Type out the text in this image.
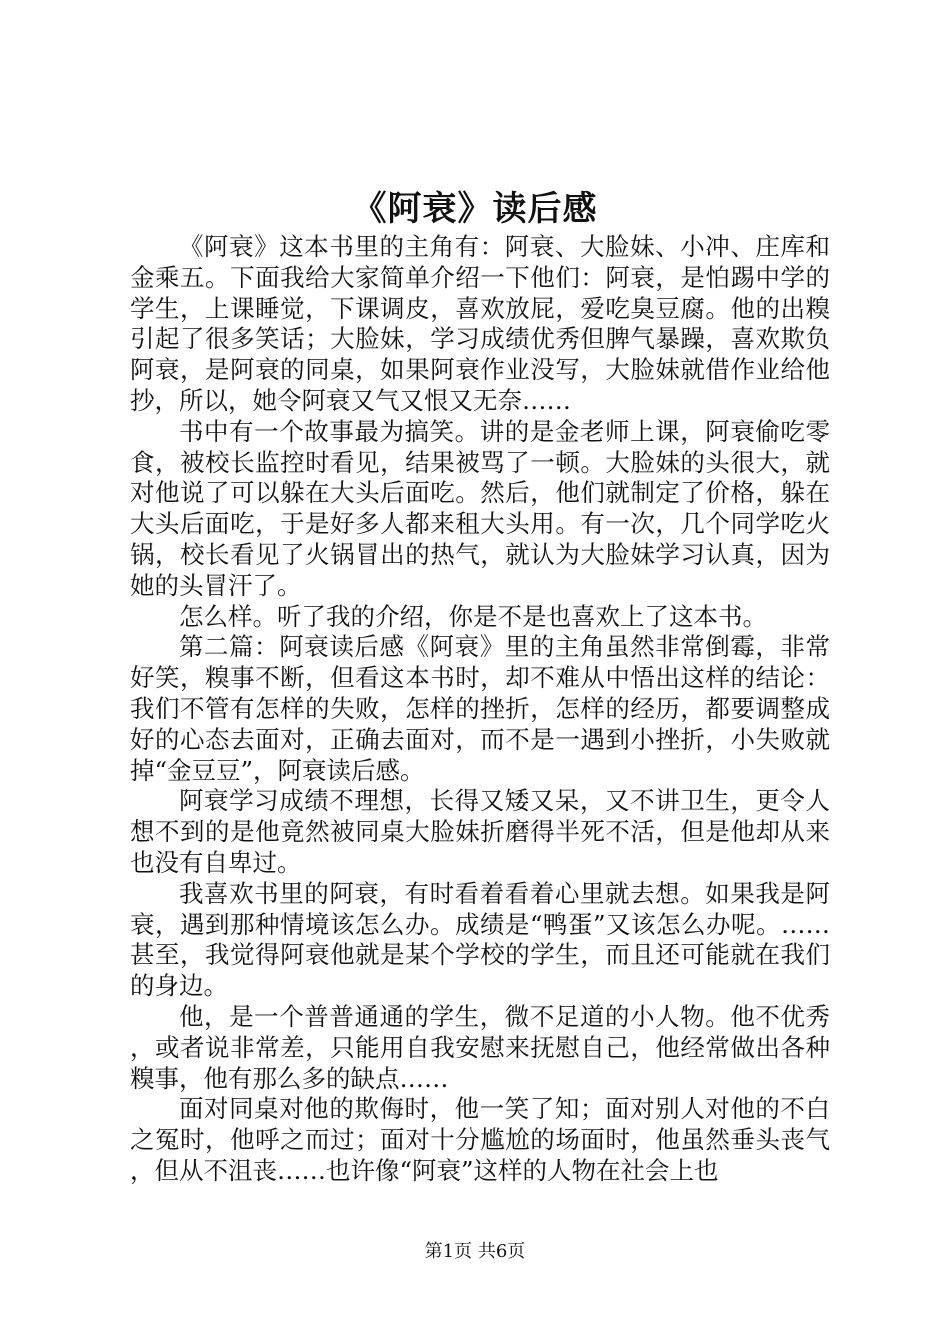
《阿衰》读后感

《阿衰》这本书里的主角有：阿衰、大脸妹、小冲、庄库和金乘五。下面我给大家简单介绍一下他们：阿衰，是怕踢中学的学生，上课睡觉，下课调皮，喜欢放屁，爱吃臭豆腐。他的出糗引起了很多笑话；大脸妹，学习成绩优秀但脾气暴躁，喜欢欺负阿衰，是阿衰的同桌，如果阿衰作业没写，大脸妹就借作业给他抄，所以，她令阿衰又气又恨又无奈……

书中有一个故事最为搞笑。讲的是金老师上课，阿衰偷吃零食，被校长监控时看见，结果被骂了一顿。大脸妹的头很大，就对他说了可以躲在大头后面吃。然后，他们就制定了价格，躲在大头后面吃，于是好多人都来租大头用。有一次，几个同学吃火锅，校长看见了火锅冒出的热气，就认为大脸妹学习认真，因为她的头冒汗了。

怎么样。听了我的介绍，你是不是也喜欢上了这本书。

第二篇：阿衰读后感《阿衰》里的主角虽然非常倒霉，非常好笑，糗事不断，但看这本书时，却不难从中悟出这样的结论：我们不管有怎样的失败，怎样的挫折，怎样的经历，都要调整成好的心态去面对，正确去面对，而不是一遇到小挫折，小失败就掉“金豆豆”，阿衰读后感。

阿衰学习成绩不理想，长得又矮又呆，又不讲卫生，更令人想不到的是他竟然被同桌大脸妹折磨得半死不活，但是他却从来也没有自卑过。

我喜欢书里的阿衰，有时看着看着心里就去想。如果我是阿衰，遇到那种情境该怎么办。成绩是“鸭蛋”又该怎么办呢。……甚至，我觉得阿衰他就是某个学校的学生，而且还可能就在我们的身边。

他，是一个普普通通的学生，微不足道的小人物。他不优秀，或者说非常差，只能用自我安慰来抚慰自己，他经常做出各种糗事，他有那么多的缺点……

面对同桌对他的欺侮时，他一笑了知；面对别人对他的不白之冤时，他呼之而过；面对十分尴尬的场面时，他虽然垂头丧气，但从不沮丧……也许像“阿衰”这样的人物在社会上也

第1页 共6页
